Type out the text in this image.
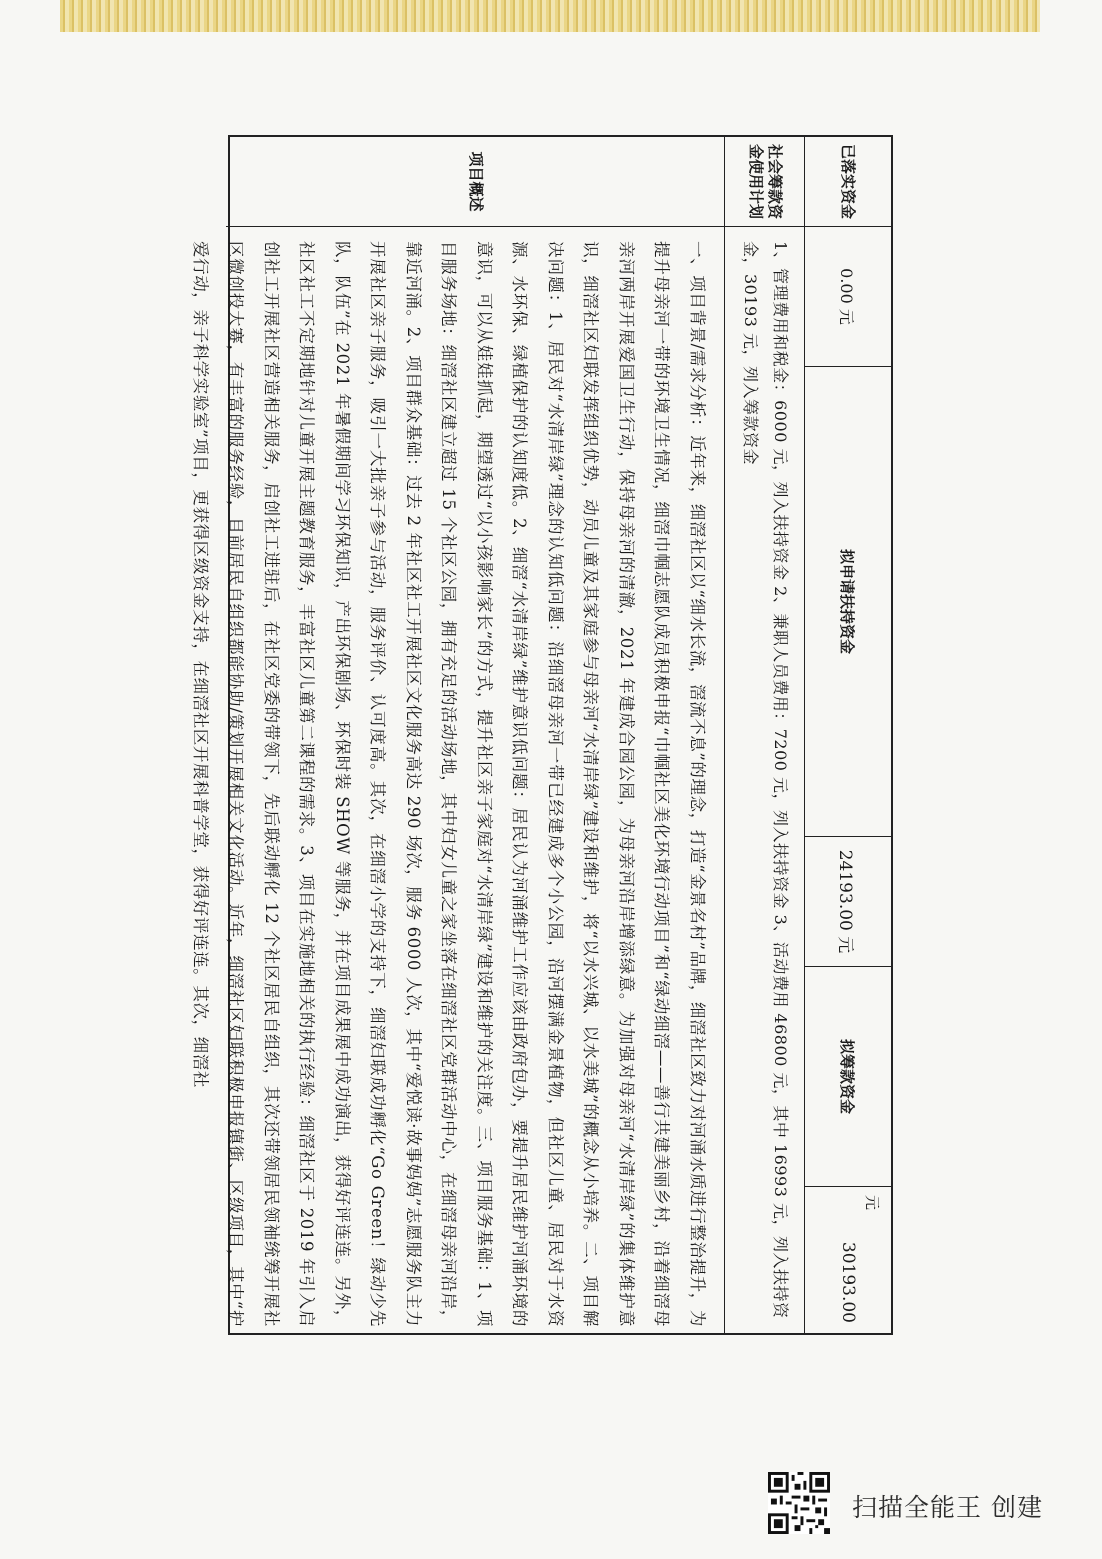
已落实资金
0.00 元
拟申请扶持资金
24193.00 元
拟筹款资金
元
30193.00
社会筹款资金使用计划
1、管理费用和税金：6000 元，列入扶持资金 2、兼职人员费用：7200 元，列入扶持资金 3、活动费用 46800 元，其中 16993 元，列入扶持资金，30193 元，列入筹款资金
项目概述
一、项目背景/需求分析：近年来，细滘社区以“细水长流，滘流不息”的理念，打造“金景名村”品牌，细滘社区致力对河涌水质进行整治提升，为提升母亲河一带的环境卫生情况，细滘巾帼志愿队成员积极申报“巾帼社区美化环境行动项目”和“绿动细滘——善行共建美丽乡村，沿着细滘母亲河两岸开展爱国卫生行动，保持母亲河的清澈，2021 年建成合园公园，为母亲河沿岸增添绿意。为加强对母亲河“水清岸绿”的集体维护意识，细滘社区妇联发挥组织优势，动员儿童及其家庭参与母亲河“水清岸绿”建设和维护，将“以水兴城、以水美城”的概念从小培养。二、项目解决问题：1、居民对“水清岸绿”理念的认知低问题：沿细滘母亲河一带已经建成多个小公园，沿河摆满金景植物，但社区儿童、居民对于水资源、水环保、绿植保护的认知度低。2、细滘“水清岸绿”维护意识低问题：居民认为河涌维护工作应该由政府包办，要提升居民维护河涌环境的意识，可以从娃娃抓起，期望透过“以小孩影响家长”的方式，提升社区亲子家庭对“水清岸绿”建设和维护的关注度。三、项目服务基础：1、项目服务场地：细滘社区建立超过 15 个社区公园，拥有充足的活动场地，其中妇女儿童之家坐落在细滘社区党群活动中心，在细滘母亲河沿岸，靠近河涌。2、项目群众基础：过去 2 年社区社工开展社区文化服务高达 290 场次，服务 6000 人次，其中“爱悦读·故事妈妈”志愿服务队主力开展社区亲子服务，吸引一大批亲子参与活动，服务评价、认可度高。其次，在细滘小学的支持下，细滘妇联成功孵化“Go Green！绿动少先队，队伍”在 2021 年暑假期间学习环保知识，产出环保剧场、环保时装 SHOW 等服务，并在项目成果展中成功演出，获得好评连连。另外，社区社工不定期地针对儿童开展主题教育服务，丰富社区儿童第二课程的需求。3、项目在实施地相关的执行经验：细滘社区于 2019 年引入启创社工开展社区营造相关服务，启创社工进驻后，在社区党委的带领下，先后联动孵化 12 个社区居民自组织，其次还带领居民领袖统筹开展社区微创投大赛，有丰富的服务经验，目前居民自组织都能协助/策划开展相关文化活动。近年，细滘社区妇联积极申报镇街、区级项目，其中“护爱行动，亲子科学实验室”项目，更获得区级资金支持，在细滘社区开展科普学堂，获得好评连连。其次，细滘社
扫描全能王 创建
